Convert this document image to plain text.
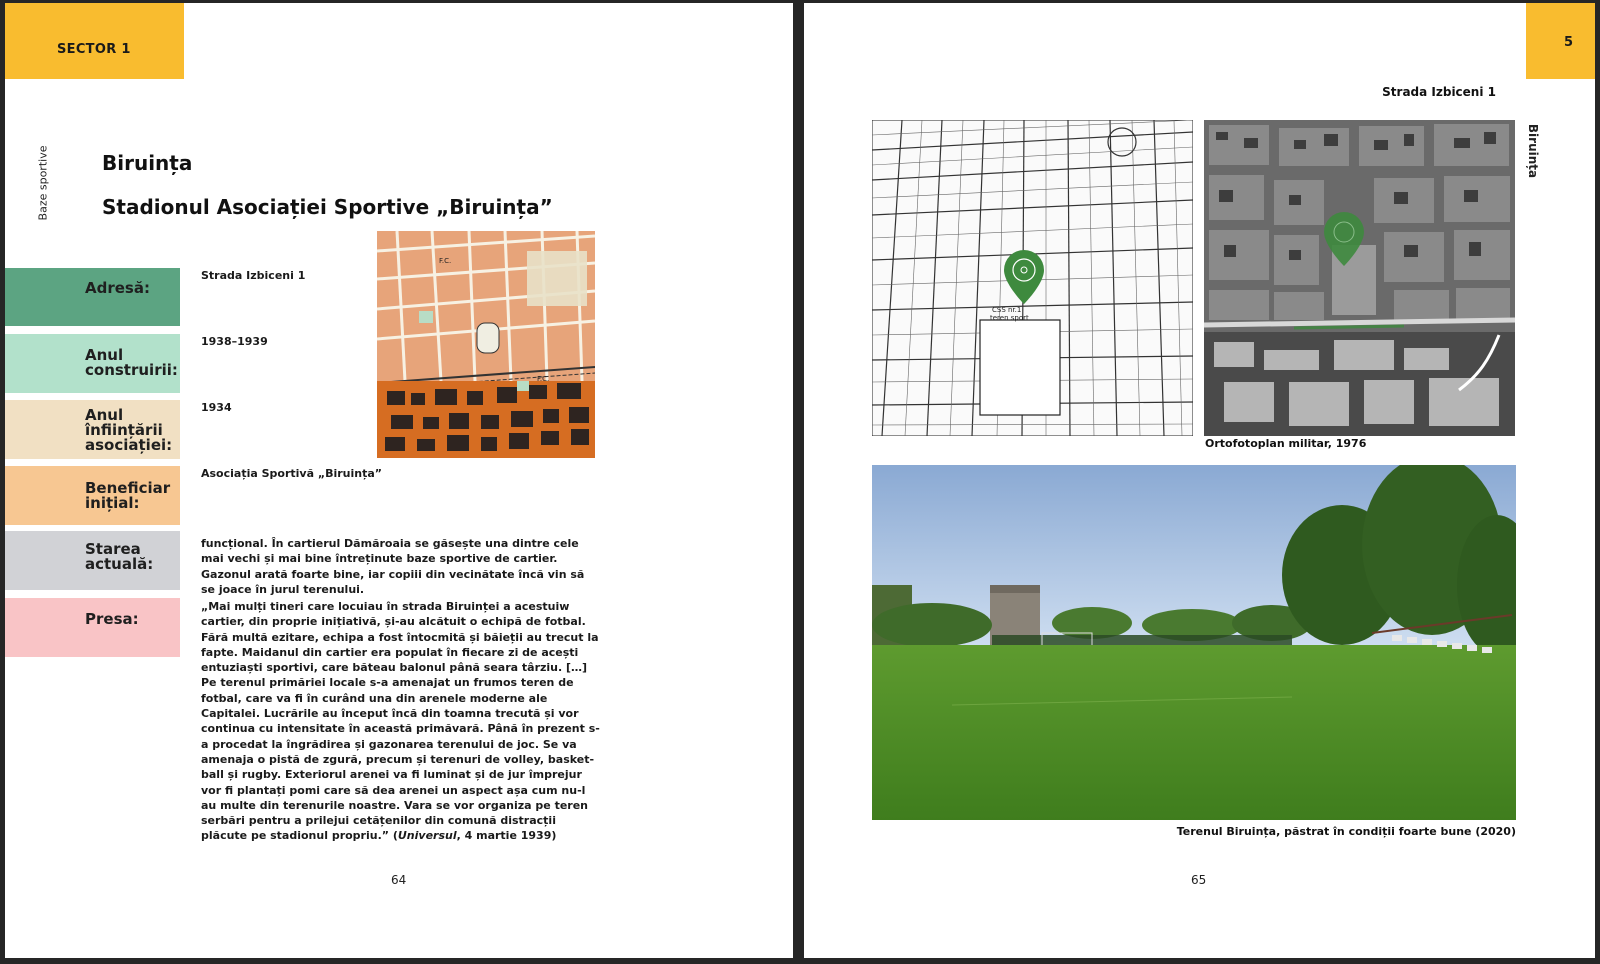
SECTOR 1
Baze sportive	Biruința
Stadionul Asociației Sportive „Biruința”
Adresă:
Anul
construirii:
Anul
înființării
asociației:
Beneficiar
inițial:
Starea
actuală:
Presa:
Strada Izbiceni 1
1938–1939
1934
Asociația Sportivă „Biruința”
funcțional. În cartierul Dămăroaia se găsește una dintre cele mai vechi și mai bine întreținute baze sportive de cartier. Gazonul arată foarte bine, iar copiii din vecinătate încă vin să se joace în jurul terenului.
„Mai mulți tineri care locuiau în strada Biruinței a acestuiw cartier, din proprie inițiativă, și-au alcătuit o echipă de fotbal. Fără multă ezitare, echipa a fost întocmită și băieții au trecut la fapte. Maidanul din cartier era populat în fiecare zi de acești entuziaști sportivi, care băteau balonul până seara târziu. […] Pe terenul primăriei locale s-a amenajat un frumos teren de fotbal, care va fi în curând una din arenele moderne ale Capitalei. Lucrările au început încă din toamna trecută și vor continua cu intensitate în această primăvară. Până în prezent s-a procedat la îngrădirea și gazonarea terenului de joc. Se va amenaja o pistă de zgură, precum și terenuri de volley, basket-ball și rugby. Exteriorul arenei va fi luminat și de jur împrejur vor fi plantați pomi care să dea arenei un aspect așa cum nu-l au multe din terenurile noastre. Vara se vor organiza pe teren serbări pentru a prilejui cetățenilor din comună distracții plăcute pe stadionul propriu.” (Universul, 4 martie 1939)
F.C.
F.C.
64
5
Biruința
Strada Izbiceni 1
CSS nr.1
teren sport
Ortofotoplan militar, 1976
Terenul Biruința, păstrat în condiții foarte bune (2020)
65
